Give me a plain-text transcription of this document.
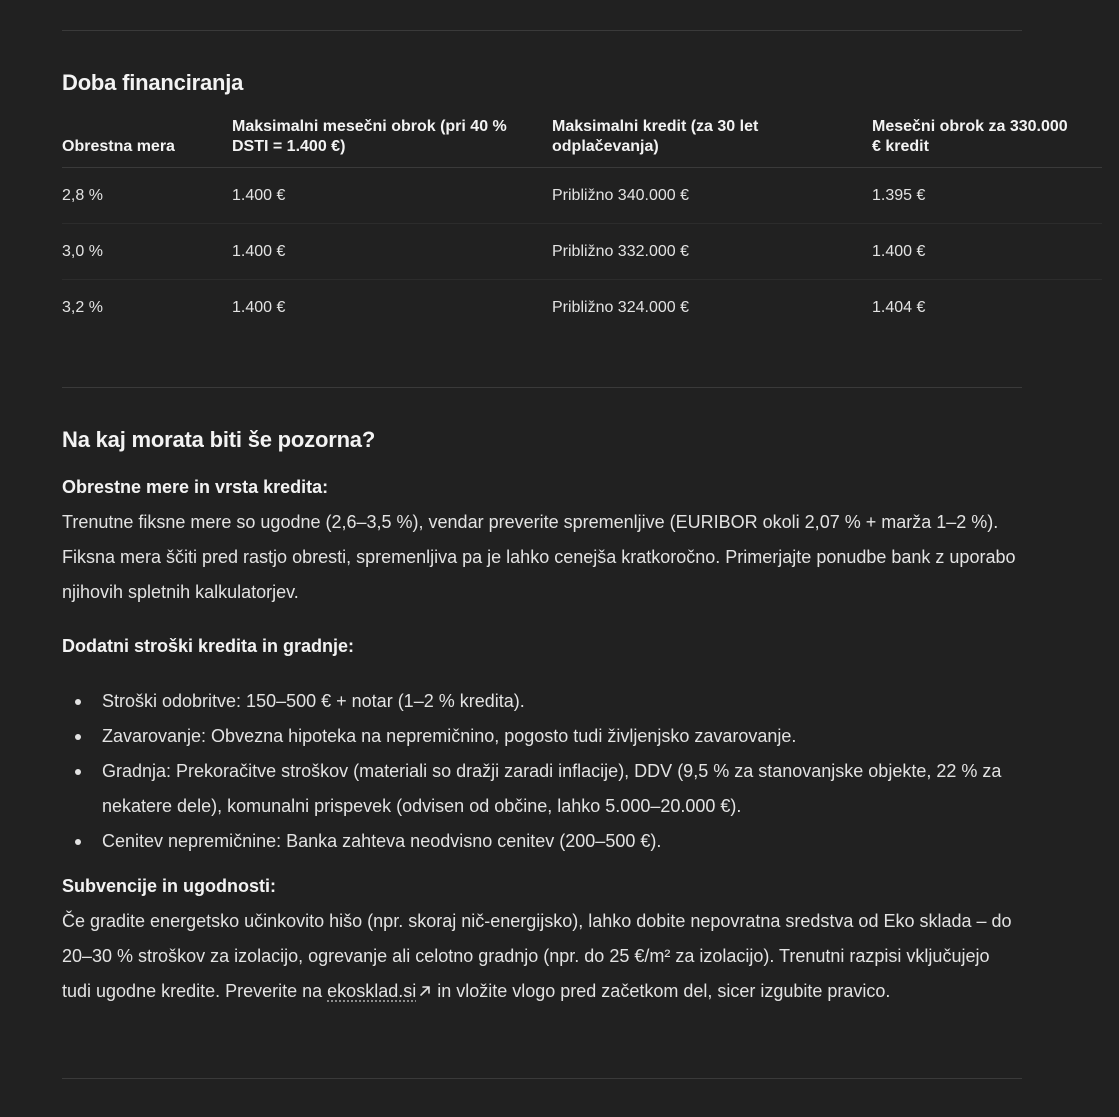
Doba financiranja
Obrestna mera	Maksimalni mesečni obrok (pri 40 % DSTI = 1.400 €)	Maksimalni kredit (za 30 let odplačevanja)	Mesečni obrok za 330.000 € kredit

2,8 %	1.400 €	Približno 340.000 €	1.395 €
3,0 %	1.400 €	Približno 332.000 €	1.400 €
3,2 %	1.400 €	Približno 324.000 €	1.404 €
Na kaj morata biti še pozorna?
Obrestne mere in vrsta kredita:
Trenutne fiksne mere so ugodne (2,6–3,5 %), vendar preverite spremenljive (EURIBOR okoli 2,07 % + marža 1–2 %). Fiksna mera ščiti pred rastjo obresti, spremenljiva pa je lahko cenejša kratkoročno. Primerjajte ponudbe bank z uporabo njihovih spletnih kalkulatorjev.
Dodatni stroški kredita in gradnje:
Stroški odobritve: 150–500 € + notar (1–2 % kredita).
Zavarovanje: Obvezna hipoteka na nepremičnino, pogosto tudi življenjsko zavarovanje.
Gradnja: Prekoračitve stroškov (materiali so dražji zaradi inflacije), DDV (9,5 % za stanovanjske objekte, 22 % za nekatere dele), komunalni prispevek (odvisen od občine, lahko 5.000–20.000 €).
Cenitev nepremičnine: Banka zahteva neodvisno cenitev (200–500 €).
Subvencije in ugodnosti:
Če gradite energetsko učinkovito hišo (npr. skoraj nič-energijsko), lahko dobite nepovratna sredstva od Eko sklada – do 20–30 % stroškov za izolacijo, ogrevanje ali celotno gradnjo (npr. do 25 €/m² za izolacijo). Trenutni razpisi vključujejo tudi ugodne kredite. Preverite na ekosklad.si in vložite vlogo pred začetkom del, sicer izgubite pravico.
